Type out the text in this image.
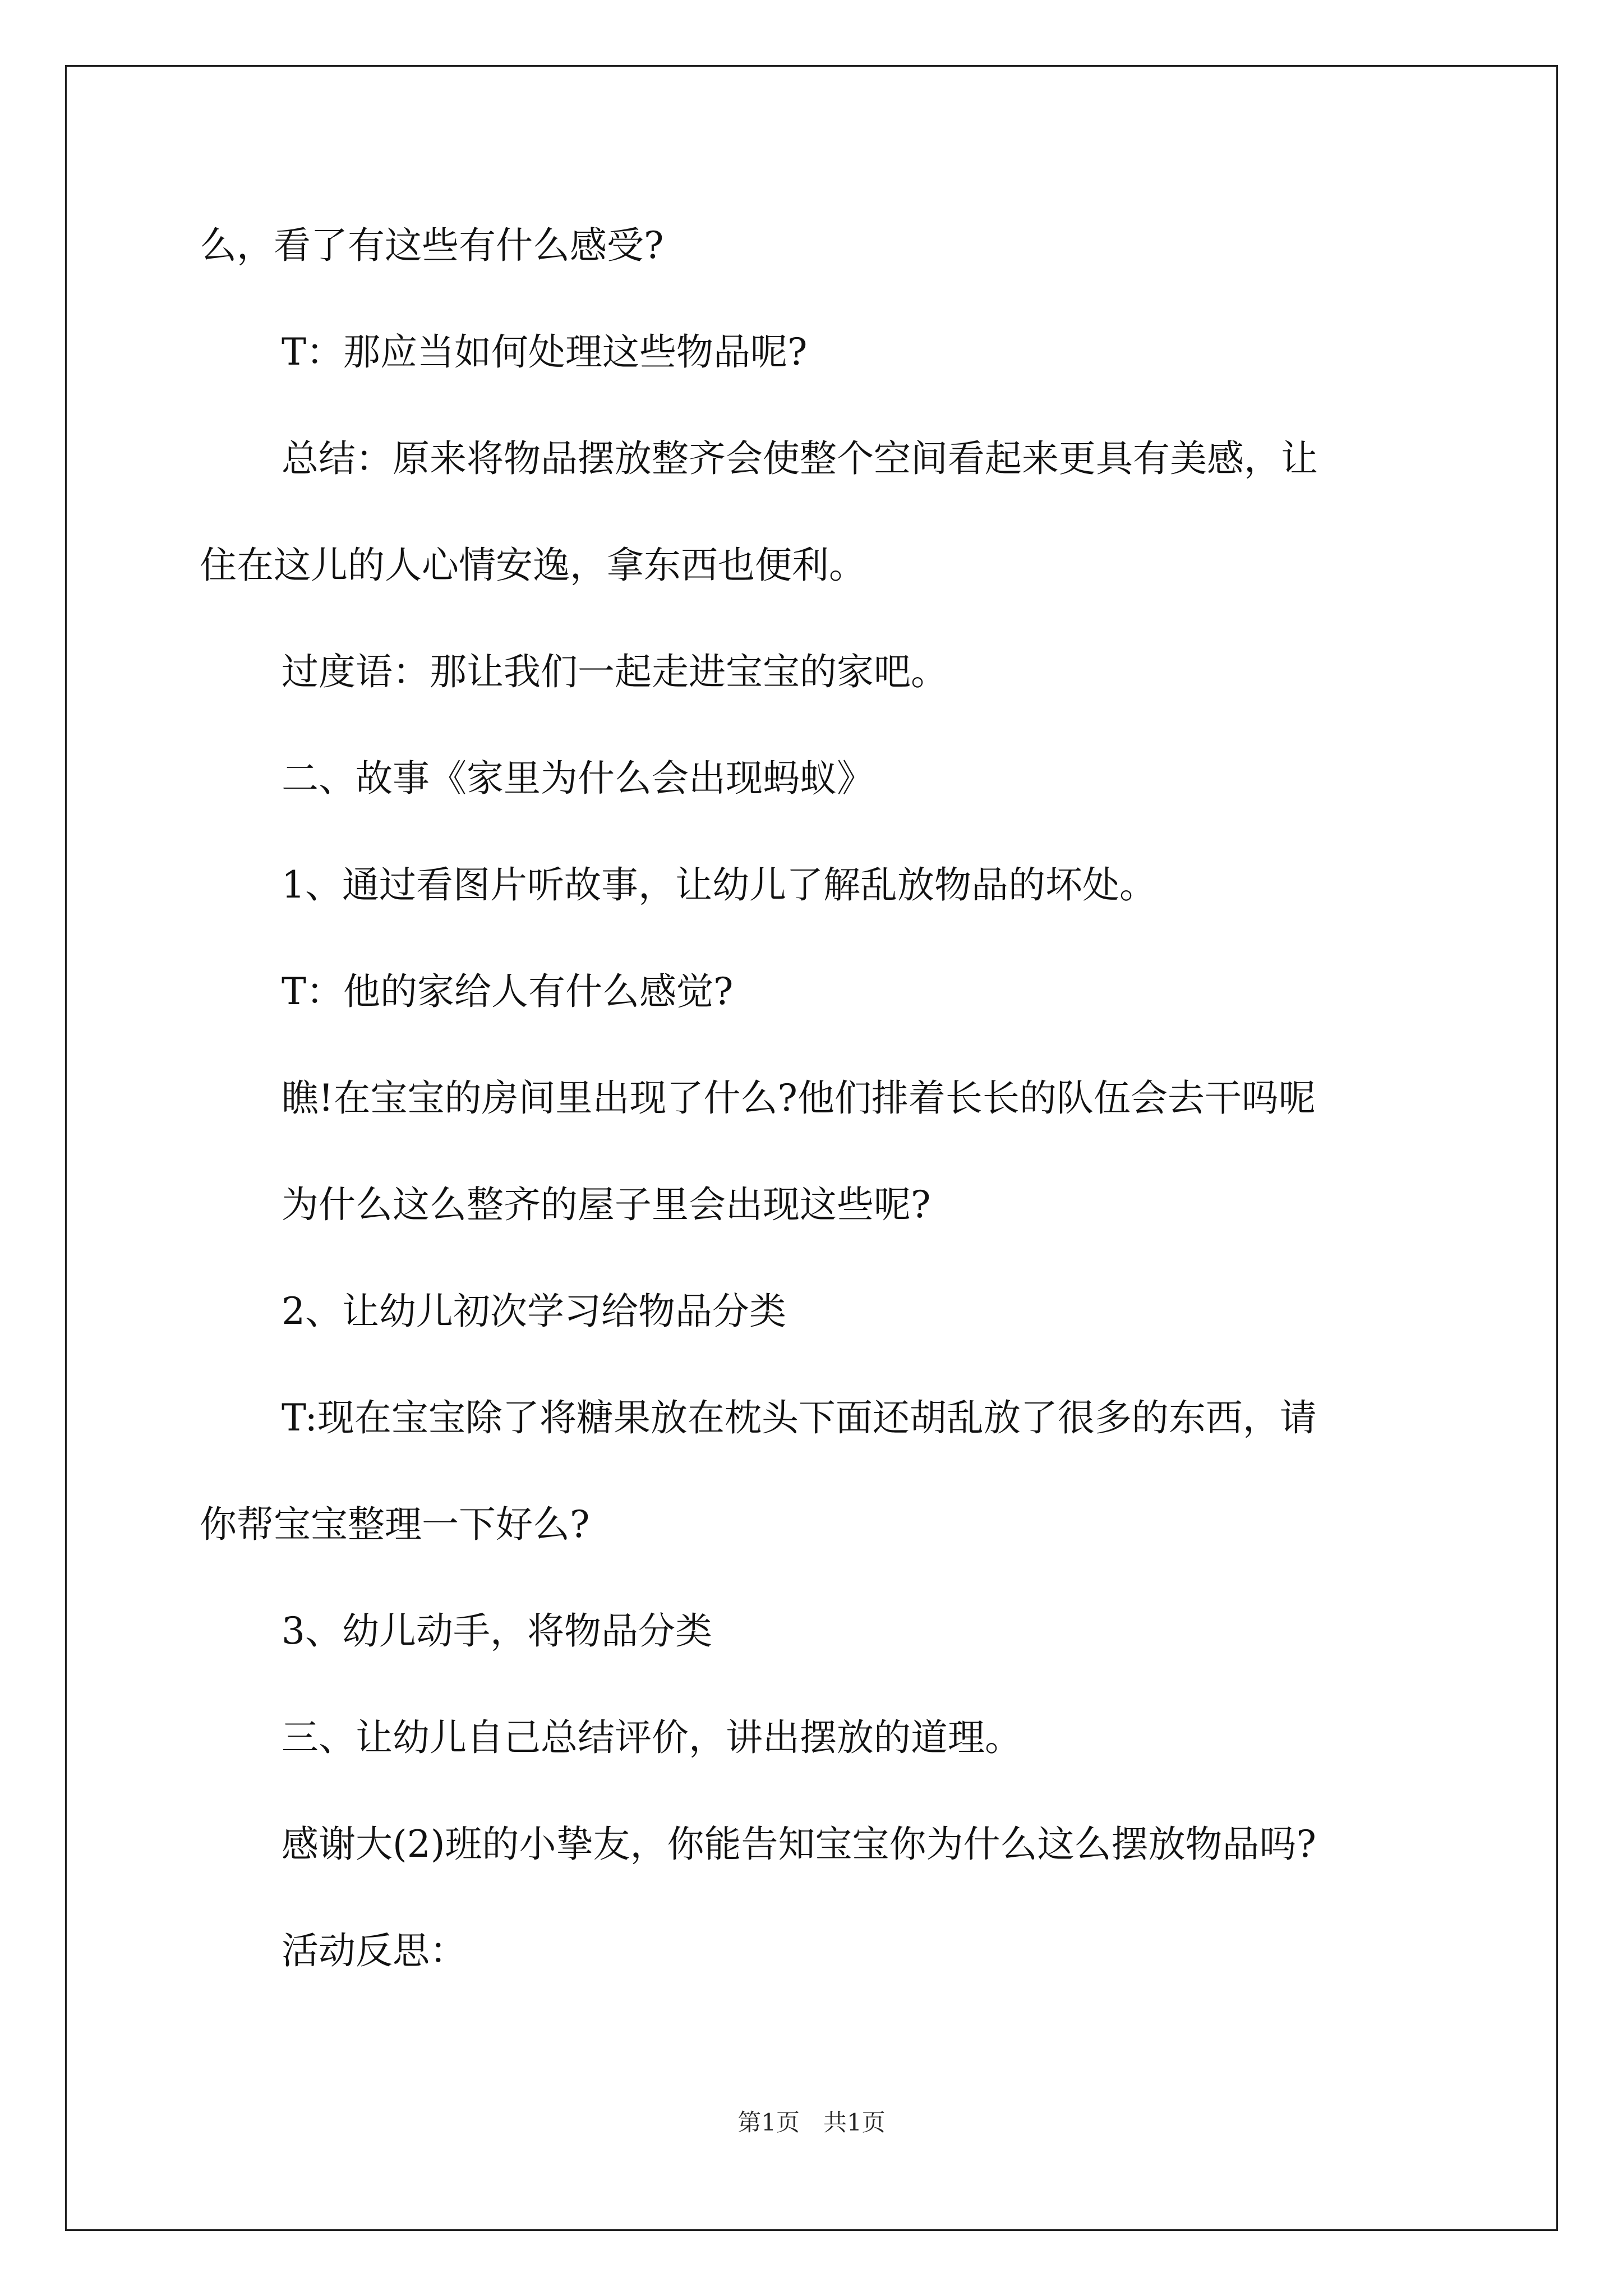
么，看了有这些有什么感受?

T：那应当如何处理这些物品呢?

总结：原来将物品摆放整齐会使整个空间看起来更具有美感，让

住在这儿的人心情安逸，拿东西也便利。

过度语：那让我们一起走进宝宝的家吧。

二、故事《家里为什么会出现蚂蚁》

1、通过看图片听故事，让幼儿了解乱放物品的坏处。

T：他的家给人有什么感觉?

瞧!在宝宝的房间里出现了什么?他们排着长长的队伍会去干吗呢

为什么这么整齐的屋子里会出现这些呢?

2、让幼儿初次学习给物品分类

T:现在宝宝除了将糖果放在枕头下面还胡乱放了很多的东西，请

你帮宝宝整理一下好么?

3、幼儿动手，将物品分类

三、让幼儿自己总结评价，讲出摆放的道理。

感谢大(2)班的小挚友，你能告知宝宝你为什么这么摆放物品吗?

活动反思：

第1页　共1页
